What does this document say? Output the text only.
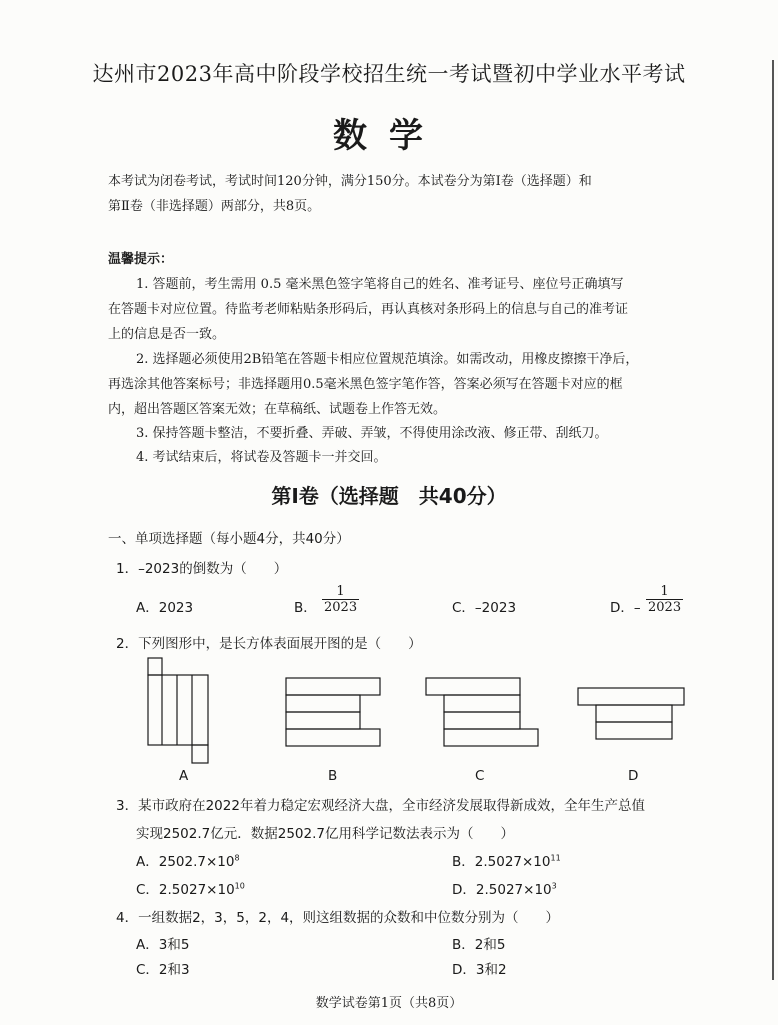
达州市2023年高中阶段学校招生统一考试暨初中学业水平考试
数学
本考试为闭卷考试，考试时间120分钟，满分150分。本试卷分为第Ⅰ卷（选择题）和
第Ⅱ卷（非选择题）两部分，共8页。
温馨提示：
1. 答题前，考生需用 0.5 毫米黑色签字笔将自己的姓名、准考证号、座位号正确填写
在答题卡对应位置。待监考老师粘贴条形码后，再认真核对条形码上的信息与自己的准考证
上的信息是否一致。
2. 选择题必须使用2B铅笔在答题卡相应位置规范填涂。如需改动，用橡皮擦擦干净后，
再选涂其他答案标号；非选择题用0.5毫米黑色签字笔作答，答案必须写在答题卡对应的框
内，超出答题区答案无效；在草稿纸、试题卷上作答无效。
3. 保持答题卡整洁，不要折叠、弄破、弄皱，不得使用涂改液、修正带、刮纸刀。
4. 考试结束后，将试卷及答题卡一并交回。
第Ⅰ卷（选择题　共40分）
一、单项选择题（每小题4分，共40分）
1．–2023的倒数为（　　）
A．2023	B． $\frac{1}{2023}$	C．–2023	D．– $\frac{1}{2023}$
2．下列图形中，是长方体表面展开图的是（　　）
A	B	C	D
3．某市政府在2022年着力稳定宏观经济大盘，全市经济发展取得新成效，全年生产总值
实现2502.7亿元．数据2502.7亿用科学记数法表示为（　　）
A．$2502.7\times 10^8$	B．$2.5027\times 10^{11}$
C．$2.5027\times 10^{10}$	D．$2.5027\times 10^3$
4．一组数据2，3，5，2，4，则这组数据的众数和中位数分别为（　　）
A．3和5	B．2和5
C．2和3	D．3和2
数学试卷第1页（共8页）
